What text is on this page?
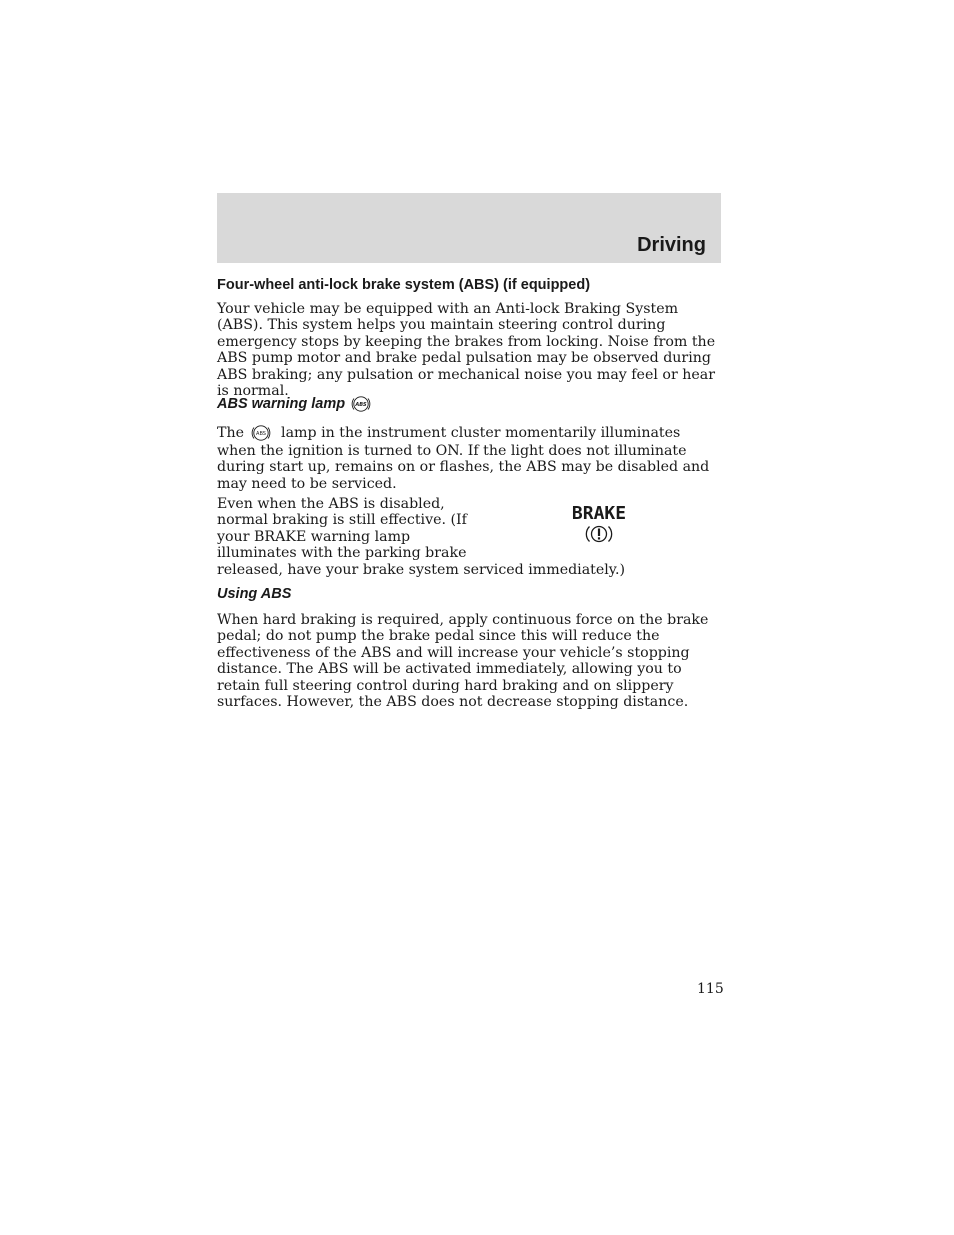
Driving
Four-wheel anti-lock brake system (ABS) (if equipped)

Your vehicle may be equipped with an Anti-lock Braking System (ABS). This system helps you maintain steering control during emergency stops by keeping the brakes from locking. Noise from the ABS pump motor and brake pedal pulsation may be observed during ABS braking; any pulsation or mechanical noise you may feel or hear is normal.

ABS warning lamp ABS

The ABS lamp in the instrument cluster momentarily illuminates when the ignition is turned to ON. If the light does not illuminate during start up, remains on or flashes, the ABS may be disabled and may need to be serviced.

Even when the ABS is disabled,
normal braking is still effective. (If
your BRAKE warning lamp
illuminates with the parking brake
released, have your brake system serviced immediately.)

BRAKE
Using ABS

When hard braking is required, apply continuous force on the brake pedal; do not pump the brake pedal since this will reduce the effectiveness of the ABS and will increase your vehicle’s stopping distance. The ABS will be activated immediately, allowing you to retain full steering control during hard braking and on slippery surfaces. However, the ABS does not decrease stopping distance.

115
